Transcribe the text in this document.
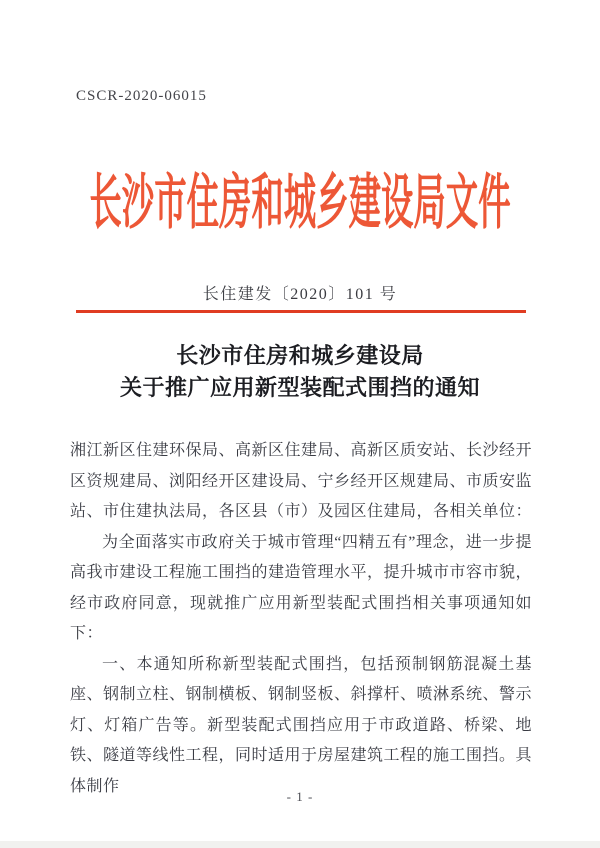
CSCR-2020-06015
长沙市住房和城乡建设局文件
长住建发〔2020〕101 号
长沙市住房和城乡建设局
关于推广应用新型装配式围挡的通知

湘江新区住建环保局、高新区住建局、高新区质安站、长沙经开区资规建局、浏阳经开区建设局、宁乡经开区规建局、市质安监站、市住建执法局，各区县（市）及园区住建局，各相关单位：

为全面落实市政府关于城市管理“四精五有”理念，进一步提高我市建设工程施工围挡的建造管理水平，提升城市市容市貌，经市政府同意，现就推广应用新型装配式围挡相关事项通知如下：

一、本通知所称新型装配式围挡，包括预制钢筋混凝土基座、钢制立柱、钢制横板、钢制竖板、斜撑杆、喷淋系统、警示灯、灯箱广告等。新型装配式围挡应用于市政道路、桥梁、地铁、隧道等线性工程，同时适用于房屋建筑工程的施工围挡。具体制作

- 1 -
